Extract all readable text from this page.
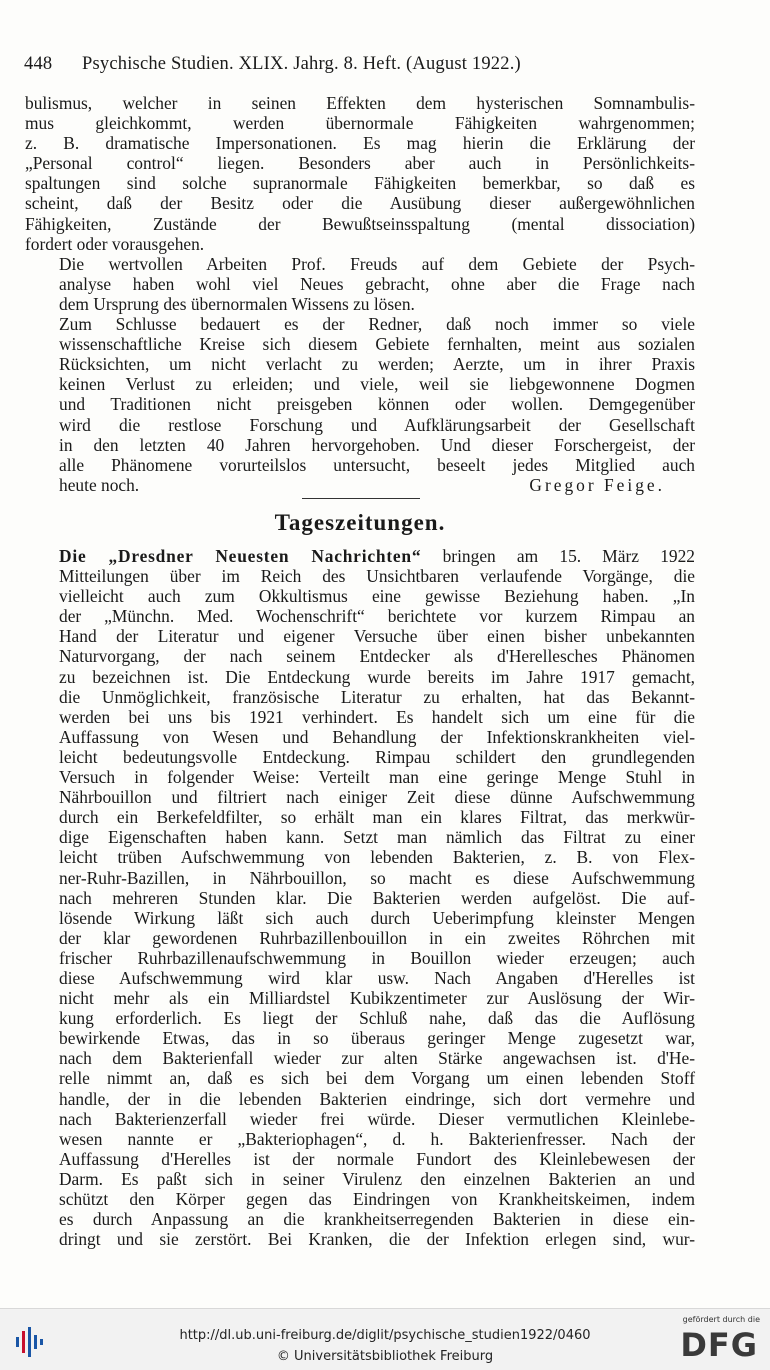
448 Psychische Studien. XLIX. Jahrg. 8. Heft. (August 1922.)

bulismus, welcher in seinen Effekten dem hysterischen Somnambulis-
mus gleichkommt, werden übernormale Fähigkeiten wahrgenommen;
z. B. dramatische Impersonationen. Es mag hierin die Erklärung der
„Personal control“ liegen. Besonders aber auch in Persönlichkeits-
spaltungen sind solche supranormale Fähigkeiten bemerkbar, so daß es
scheint, daß der Besitz oder die Ausübung dieser außergewöhnlichen
Fähigkeiten, Zustände der Bewußtseinsspaltung (mental dissociation)
fordert oder vorausgehen.

Die wertvollen Arbeiten Prof. Freuds auf dem Gebiete der Psych-
analyse haben wohl viel Neues gebracht, ohne aber die Frage nach
dem Ursprung des übernormalen Wissens zu lösen.

Zum Schlusse bedauert es der Redner, daß noch immer so viele
wissenschaftliche Kreise sich diesem Gebiete fernhalten, meint aus sozialen
Rücksichten, um nicht verlacht zu werden; Aerzte, um in ihrer Praxis
keinen Verlust zu erleiden; und viele, weil sie liebgewonnene Dogmen
und Traditionen nicht preisgeben können oder wollen. Demgegenüber
wird die restlose Forschung und Aufklärungsarbeit der Gesellschaft
in den letzten 40 Jahren hervorgehoben. Und dieser Forschergeist, der
alle Phänomene vorurteilslos untersucht, beseelt jedes Mitglied auch
heute noch.	Gregor Feige.

Tageszeitungen.

Die „Dresdner Neuesten Nachrichten“ bringen am 15. März 1922
Mitteilungen über im Reich des Unsichtbaren verlaufende Vorgänge, die
vielleicht auch zum Okkultismus eine gewisse Beziehung haben. „In
der „Münchn. Med. Wochenschrift“ berichtete vor kurzem Rimpau an
Hand der Literatur und eigener Versuche über einen bisher unbekannten
Naturvorgang, der nach seinem Entdecker als d'Herellesches Phänomen
zu bezeichnen ist. Die Entdeckung wurde bereits im Jahre 1917 gemacht,
die Unmöglichkeit, französische Literatur zu erhalten, hat das Bekannt-
werden bei uns bis 1921 verhindert. Es handelt sich um eine für die
Auffassung von Wesen und Behandlung der Infektionskrankheiten viel-
leicht bedeutungsvolle Entdeckung. Rimpau schildert den grundlegenden
Versuch in folgender Weise: Verteilt man eine geringe Menge Stuhl in
Nährbouillon und filtriert nach einiger Zeit diese dünne Aufschwemmung
durch ein Berkefeldfilter, so erhält man ein klares Filtrat, das merkwür-
dige Eigenschaften haben kann. Setzt man nämlich das Filtrat zu einer
leicht trüben Aufschwemmung von lebenden Bakterien, z. B. von Flex-
ner-Ruhr-Bazillen, in Nährbouillon, so macht es diese Aufschwemmung
nach mehreren Stunden klar. Die Bakterien werden aufgelöst. Die auf-
lösende Wirkung läßt sich auch durch Ueberimpfung kleinster Mengen
der klar gewordenen Ruhrbazillenbouillon in ein zweites Röhrchen mit
frischer Ruhrbazillenaufschwemmung in Bouillon wieder erzeugen; auch
diese Aufschwemmung wird klar usw. Nach Angaben d'Herelles ist
nicht mehr als ein Milliardstel Kubikzentimeter zur Auslösung der Wir-
kung erforderlich. Es liegt der Schluß nahe, daß das die Auflösung
bewirkende Etwas, das in so überaus geringer Menge zugesetzt war,
nach dem Bakterienfall wieder zur alten Stärke angewachsen ist. d'He-
relle nimmt an, daß es sich bei dem Vorgang um einen lebenden Stoff
handle, der in die lebenden Bakterien eindringe, sich dort vermehre und
nach Bakterienzerfall wieder frei würde. Dieser vermutlichen Kleinlebe-
wesen nannte er „Bakteriophagen“, d. h. Bakterienfresser. Nach der
Auffassung d'Herelles ist der normale Fundort des Kleinlebewesen der
Darm. Es paßt sich in seiner Virulenz den einzelnen Bakterien an und
schützt den Körper gegen das Eindringen von Krankheitskeimen, indem
es durch Anpassung an die krankheitserregenden Bakterien in diese ein-
dringt und sie zerstört. Bei Kranken, die der Infektion erlegen sind, wur-

http://dl.ub.uni-freiburg.de/diglit/psychische_studien1922/0460
© Universitätsbibliothek Freiburg
gefördert durch die
DFG
